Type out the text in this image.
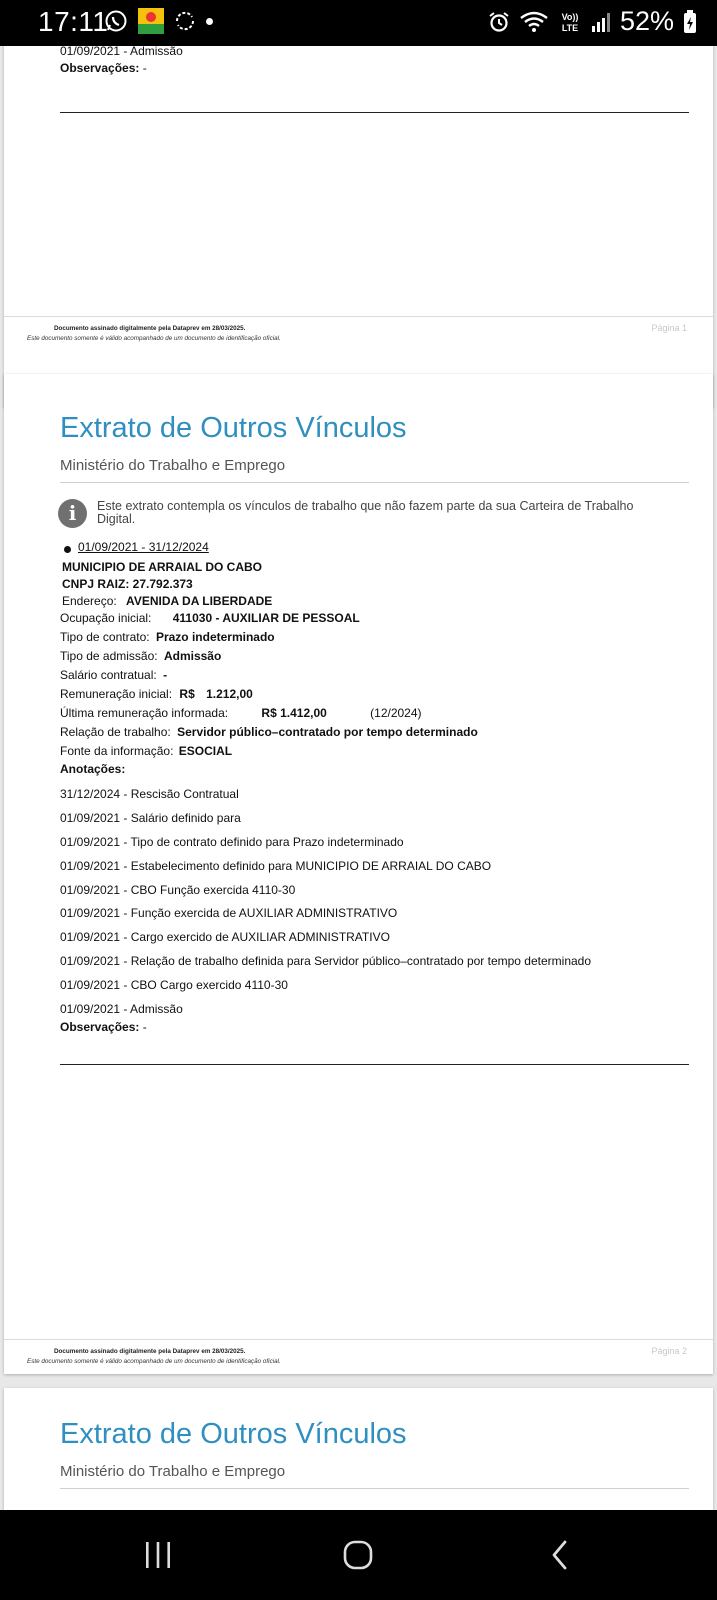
17:11	Vo))
LTE 52%
01/09/2021 - Admissão
Observações: -
Documento assinado digitalmente pela Dataprev em 28/03/2025.
Este documento somente é válido acompanhado de um documento de identificação oficial.
Página 1
Extrato de Outros Vínculos
Ministério do Trabalho e Emprego
i	Este extrato contempla os vínculos de trabalho que não fazem parte da sua Carteira de Trabalho
Digital.
01/09/2021 - 31/12/2024
MUNICIPIO DE ARRAIAL DO CABO
CNPJ RAIZ: 27.792.373
Endereço: AVENIDA DA LIBERDADE
Ocupação inicial: 411030 - AUXILIAR DE PESSOAL
Tipo de contrato: Prazo indeterminado
Tipo de admissão: Admissão
Salário contratual: -
Remuneração inicial: R$ 1.212,00
Última remuneração informada:	R$ 1.412,00	(12/2024)
Relação de trabalho: Servidor público–contratado por tempo determinado
Fonte da informação: ESOCIAL
Anotações:
31/12/2024 - Rescisão Contratual
01/09/2021 - Salário definido para
01/09/2021 - Tipo de contrato definido para Prazo indeterminado
01/09/2021 - Estabelecimento definido para MUNICIPIO DE ARRAIAL DO CABO
01/09/2021 - CBO Função exercida 4110-30
01/09/2021 - Função exercida de AUXILIAR ADMINISTRATIVO
01/09/2021 - Cargo exercido de AUXILIAR ADMINISTRATIVO
01/09/2021 - Relação de trabalho definida para Servidor público–contratado por tempo determinado
01/09/2021 - CBO Cargo exercido 4110-30
01/09/2021 - Admissão
Observações: -
Documento assinado digitalmente pela Dataprev em 28/03/2025.
Este documento somente é válido acompanhado de um documento de identificação oficial.
Página 2
Extrato de Outros Vínculos
Ministério do Trabalho e Emprego
